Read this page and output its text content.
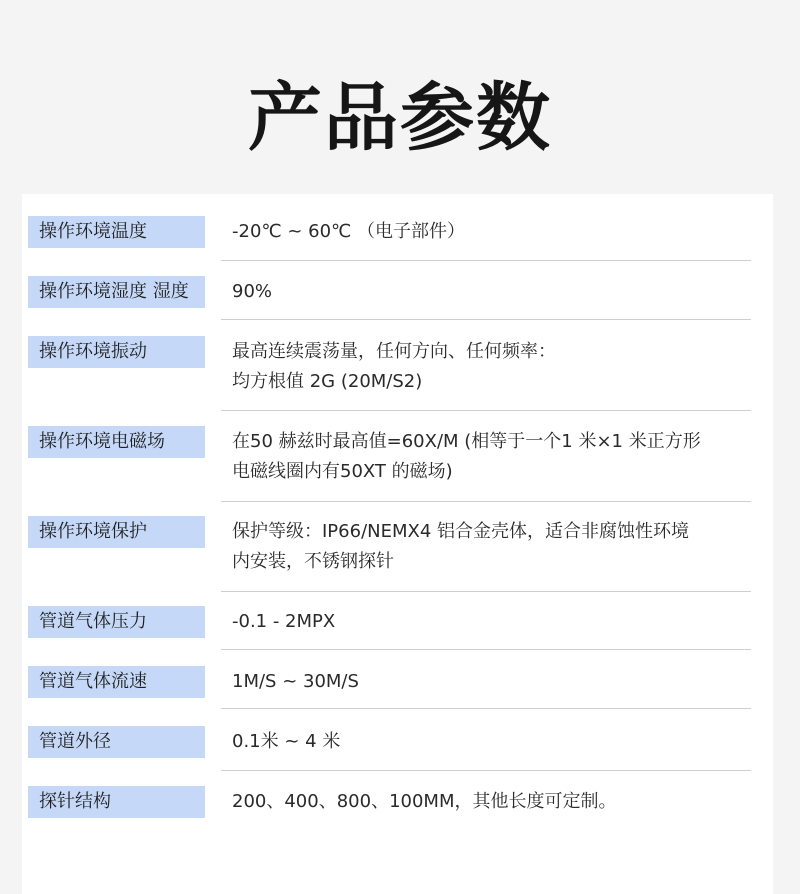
产品参数
操作环境温度	-20℃ ~ 60℃ （电子部件）
操作环境湿度 湿度	90%
操作环境振动	最高连续震荡量，任何方向、任何频率：
均方根值 2G (20M/S2)
操作环境电磁场	在50 赫兹时最高值=60X/M (相等于一个1 米×1 米正方形
电磁线圈内有50XT 的磁场)
操作环境保护	保护等级：IP66/NEMX4 铝合金壳体，适合非腐蚀性环境
内安装，不锈钢探针
管道气体压力	-0.1 - 2MPX
管道气体流速	1M/S ~ 30M/S
管道外径	0.1米 ~ 4 米
探针结构	200、400、800、100MM，其他长度可定制。
